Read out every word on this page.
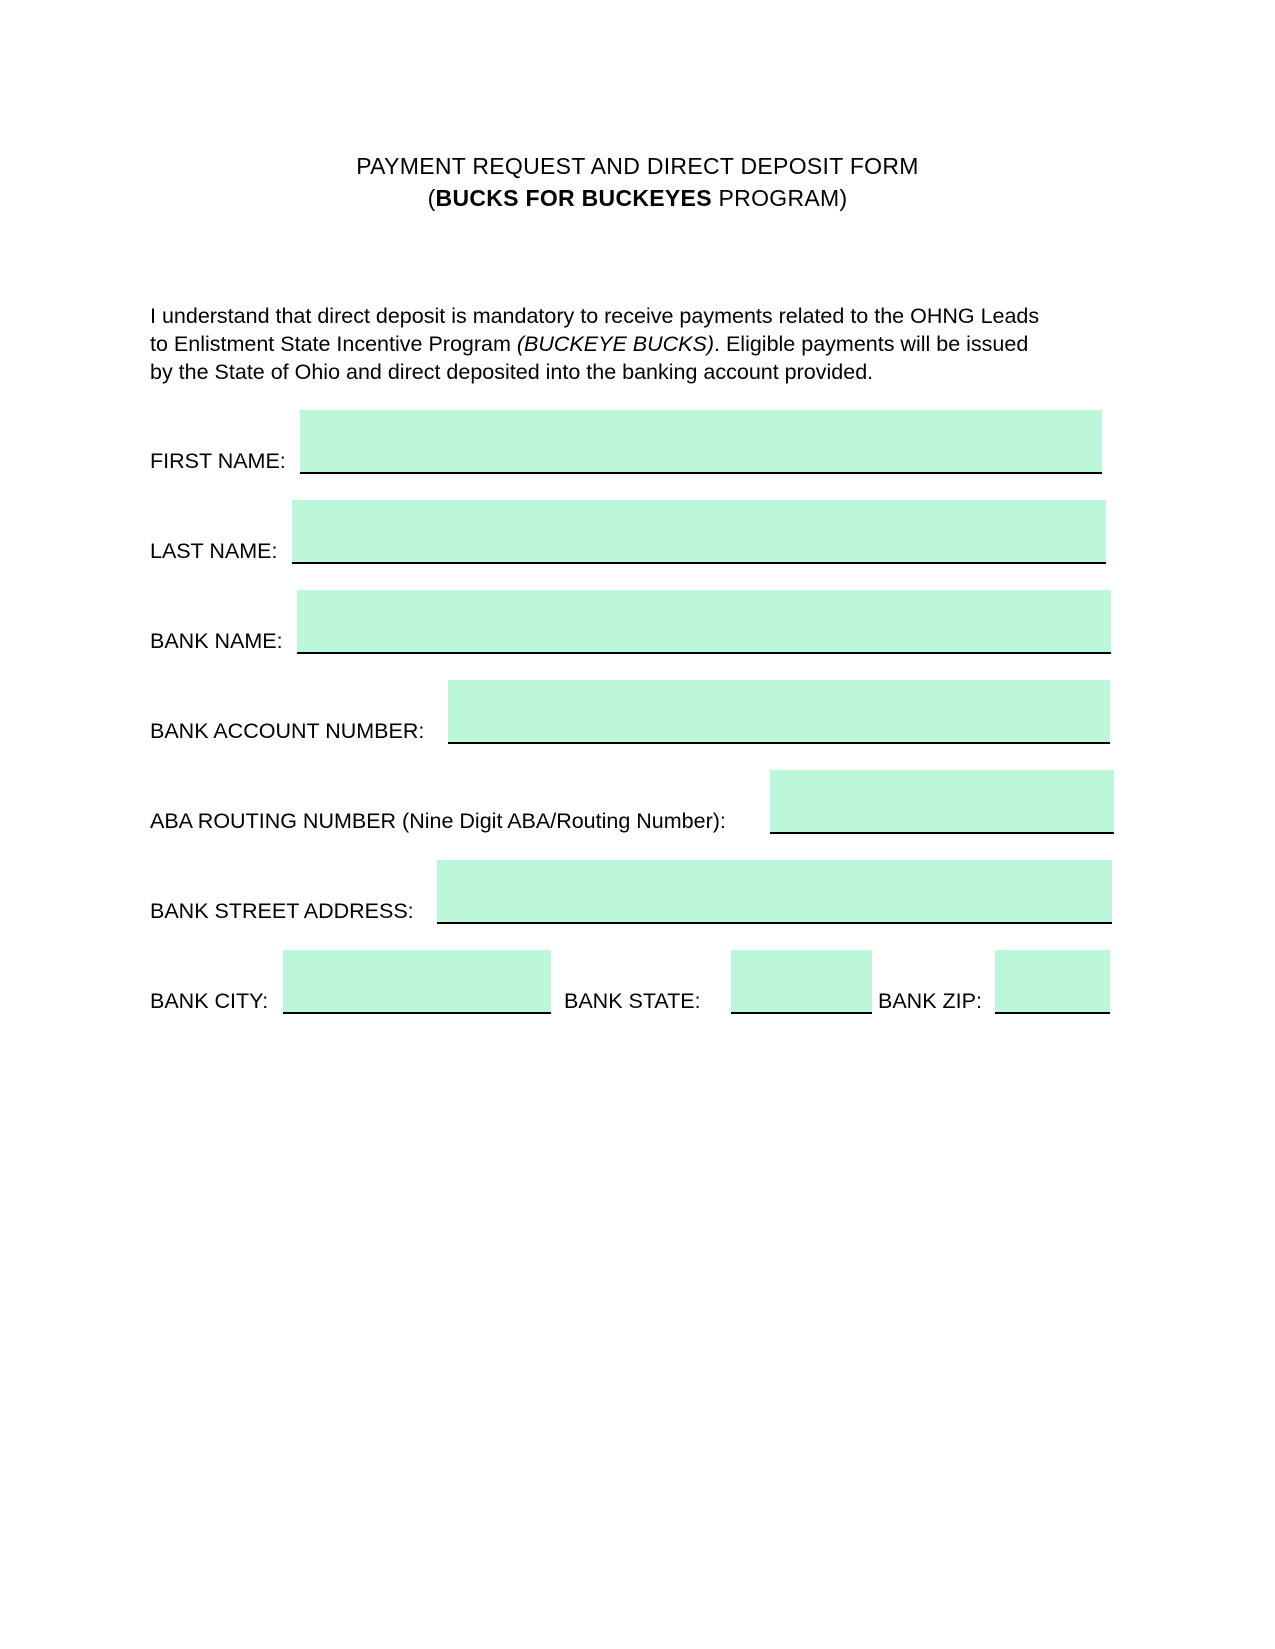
PAYMENT REQUEST AND DIRECT DEPOSIT FORM
(BUCKS FOR BUCKEYES PROGRAM)
I understand that direct deposit is mandatory to receive payments related to the OHNG Leads
to Enlistment State Incentive Program (BUCKEYE BUCKS). Eligible payments will be issued
by the State of Ohio and direct deposited into the banking account provided.
FIRST NAME:
LAST NAME:
BANK NAME:
BANK ACCOUNT NUMBER:
ABA ROUTING NUMBER (Nine Digit ABA/Routing Number):
BANK STREET ADDRESS:
BANK CITY:	BANK STATE:	BANK ZIP:
